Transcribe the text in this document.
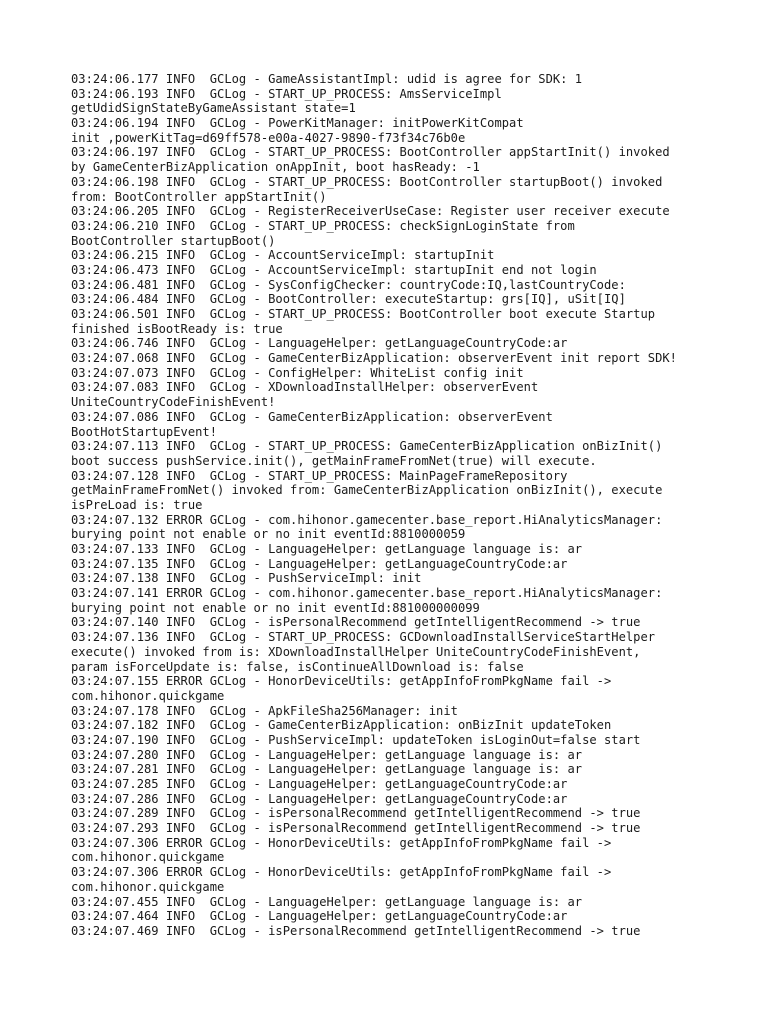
03:24:06.177 INFO  GCLog - GameAssistantImpl: udid is agree for SDK: 1
03:24:06.193 INFO  GCLog - START_UP_PROCESS: AmsServiceImpl
getUdidSignStateByGameAssistant state=1
03:24:06.194 INFO  GCLog - PowerKitManager: initPowerKitCompat
init ,powerKitTag=d69ff578-e00a-4027-9890-f73f34c76b0e
03:24:06.197 INFO  GCLog - START_UP_PROCESS: BootController appStartInit() invoked
by GameCenterBizApplication onAppInit, boot hasReady: -1
03:24:06.198 INFO  GCLog - START_UP_PROCESS: BootController startupBoot() invoked
from: BootController appStartInit()
03:24:06.205 INFO  GCLog - RegisterReceiverUseCase: Register user receiver execute
03:24:06.210 INFO  GCLog - START_UP_PROCESS: checkSignLoginState from
BootController startupBoot()
03:24:06.215 INFO  GCLog - AccountServiceImpl: startupInit
03:24:06.473 INFO  GCLog - AccountServiceImpl: startupInit end not login
03:24:06.481 INFO  GCLog - SysConfigChecker: countryCode:IQ,lastCountryCode:
03:24:06.484 INFO  GCLog - BootController: executeStartup: grs[IQ], uSit[IQ]
03:24:06.501 INFO  GCLog - START_UP_PROCESS: BootController boot execute Startup
finished isBootReady is: true
03:24:06.746 INFO  GCLog - LanguageHelper: getLanguageCountryCode:ar
03:24:07.068 INFO  GCLog - GameCenterBizApplication: observerEvent init report SDK!
03:24:07.073 INFO  GCLog - ConfigHelper: WhiteList config init
03:24:07.083 INFO  GCLog - XDownloadInstallHelper: observerEvent
UniteCountryCodeFinishEvent!
03:24:07.086 INFO  GCLog - GameCenterBizApplication: observerEvent
BootHotStartupEvent!
03:24:07.113 INFO  GCLog - START_UP_PROCESS: GameCenterBizApplication onBizInit()
boot success pushService.init(), getMainFrameFromNet(true) will execute.
03:24:07.128 INFO  GCLog - START_UP_PROCESS: MainPageFrameRepository
getMainFrameFromNet() invoked from: GameCenterBizApplication onBizInit(), execute
isPreLoad is: true
03:24:07.132 ERROR GCLog - com.hihonor.gamecenter.base_report.HiAnalyticsManager:
burying point not enable or no init eventId:8810000059
03:24:07.133 INFO  GCLog - LanguageHelper: getLanguage language is: ar
03:24:07.135 INFO  GCLog - LanguageHelper: getLanguageCountryCode:ar
03:24:07.138 INFO  GCLog - PushServiceImpl: init
03:24:07.141 ERROR GCLog - com.hihonor.gamecenter.base_report.HiAnalyticsManager:
burying point not enable or no init eventId:881000000099
03:24:07.140 INFO  GCLog - isPersonalRecommend getIntelligentRecommend -> true
03:24:07.136 INFO  GCLog - START_UP_PROCESS: GCDownloadInstallServiceStartHelper
execute() invoked from is: XDownloadInstallHelper UniteCountryCodeFinishEvent,
param isForceUpdate is: false, isContinueAllDownload is: false
03:24:07.155 ERROR GCLog - HonorDeviceUtils: getAppInfoFromPkgName fail ->
com.hihonor.quickgame
03:24:07.178 INFO  GCLog - ApkFileSha256Manager: init
03:24:07.182 INFO  GCLog - GameCenterBizApplication: onBizInit updateToken
03:24:07.190 INFO  GCLog - PushServiceImpl: updateToken isLoginOut=false start
03:24:07.280 INFO  GCLog - LanguageHelper: getLanguage language is: ar
03:24:07.281 INFO  GCLog - LanguageHelper: getLanguage language is: ar
03:24:07.285 INFO  GCLog - LanguageHelper: getLanguageCountryCode:ar
03:24:07.286 INFO  GCLog - LanguageHelper: getLanguageCountryCode:ar
03:24:07.289 INFO  GCLog - isPersonalRecommend getIntelligentRecommend -> true
03:24:07.293 INFO  GCLog - isPersonalRecommend getIntelligentRecommend -> true
03:24:07.306 ERROR GCLog - HonorDeviceUtils: getAppInfoFromPkgName fail ->
com.hihonor.quickgame
03:24:07.306 ERROR GCLog - HonorDeviceUtils: getAppInfoFromPkgName fail ->
com.hihonor.quickgame
03:24:07.455 INFO  GCLog - LanguageHelper: getLanguage language is: ar
03:24:07.464 INFO  GCLog - LanguageHelper: getLanguageCountryCode:ar
03:24:07.469 INFO  GCLog - isPersonalRecommend getIntelligentRecommend -> true
